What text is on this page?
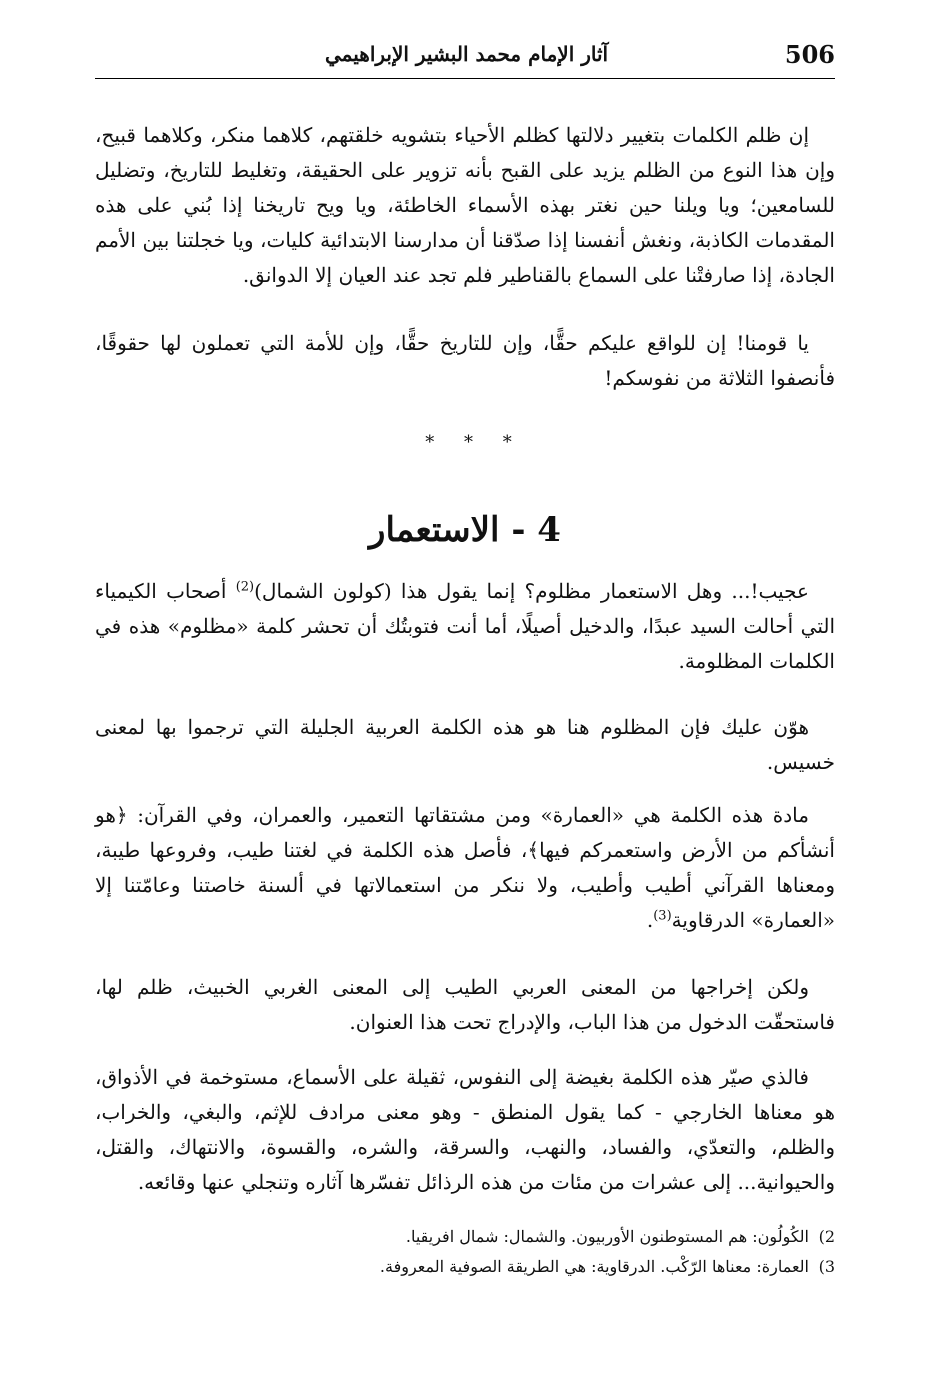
506
آثار الإمام محمد البشير الإبراهيمي

إن ظلم الكلمات بتغيير دلالتها كظلم الأحياء بتشويه خلقتهم، كلاهما منكر، وكلاهما قبيح، وإن هذا النوع من الظلم يزيد على القبح بأنه تزوير على الحقيقة، وتغليط للتاريخ، وتضليل للسامعين؛ ويا ويلنا حين نغتر بهذه الأسماء الخاطئة، ويا ويح تاريخنا إذا بُني على هذه المقدمات الكاذبة، ونغش أنفسنا إذا صدّقنا أن مدارسنا الابتدائية كليات، ويا خجلتنا بين الأمم الجادة، إذا صارفتْنا على السماع بالقناطير فلم تجد عند العيان إلا الدوانق.

يا قومنا! إن للواقع عليكم حقًّا، وإن للتاريخ حقًّا، وإن للأمة التي تعملون لها حقوقًا، فأنصفوا الثلاثة من نفوسكم!

* * *
4 - الاستعمار

عجيب!... وهل الاستعمار مظلوم؟ إنما يقول هذا (كولون الشمال)$^{(2)}$ أصحاب الكيمياء التي أحالت السيد عبدًا، والدخيل أصيلًا، أما أنت فتوبتُك أن تحشر كلمة «مظلوم» هذه في الكلمات المظلومة.

هوّن عليك فإن المظلوم هنا هو هذه الكلمة العربية الجليلة التي ترجموا بها لمعنى خسيس.

مادة هذه الكلمة هي «العمارة» ومن مشتقاتها التعمير، والعمران، وفي القرآن: ﴿هو أنشأكم من الأرض واستعمركم فيها﴾، فأصل هذه الكلمة في لغتنا طيب، وفروعها طيبة، ومعناها القرآني أطيب وأطيب، ولا ننكر من استعمالاتها في ألسنة خاصتنا وعامّتنا إلا «العمارة» الدرقاوية$^{(3)}$.

ولكن إخراجها من المعنى العربي الطيب إلى المعنى الغربي الخبيث، ظلم لها، فاستحقّت الدخول من هذا الباب، والإدراج تحت هذا العنوان.

فالذي صيّر هذه الكلمة بغيضة إلى النفوس، ثقيلة على الأسماع، مستوخمة في الأذواق، هو معناها الخارجي - كما يقول المنطق - وهو معنى مرادف للإثم، والبغي، والخراب، والظلم، والتعدّي، والفساد، والنهب، والسرقة، والشره، والقسوة، والانتهاك، والقتل، والحيوانية... إلى عشرات من مئات من هذه الرذائل تفسّرها آثاره وتنجلي عنها وقائعه.

2)الكُولُون: هم المستوطنون الأوربيون. والشمال: شمال افريقيا.
3)العمارة: معناها الرّكْب. الدرقاوية: هي الطريقة الصوفية المعروفة.
